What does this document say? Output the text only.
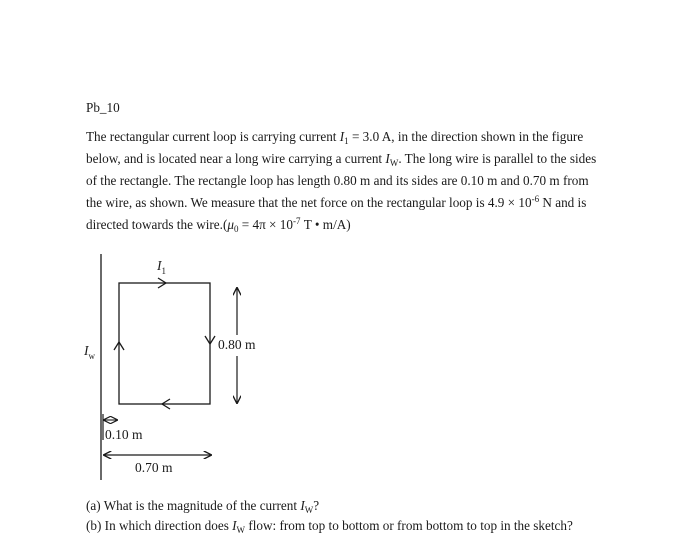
Pb_10
The rectangular current loop is carrying current $I_1 = 3.0$ A, in the direction shown in the figure
below, and is located near a long wire carrying a current $I_W$. The long wire is parallel to the sides
of the rectangle. The rectangle loop has length 0.80 m and its sides are 0.10 m and 0.70 m from
the wire, as shown. We measure that the net force on the rectangular loop is $4.9 \times 10^{-6}$ N and is
directed towards the $wire.(\mu_0 = 4\pi \times 10^{-7}$ T • m/A)
$I_1$
$I_w$
0.80 m
0.10 m
0.70 m
(a) What is the magnitude of the current $I_W$?
(b) In which direction does $I_W$ flow: from top to bottom or from bottom to top in the sketch?
